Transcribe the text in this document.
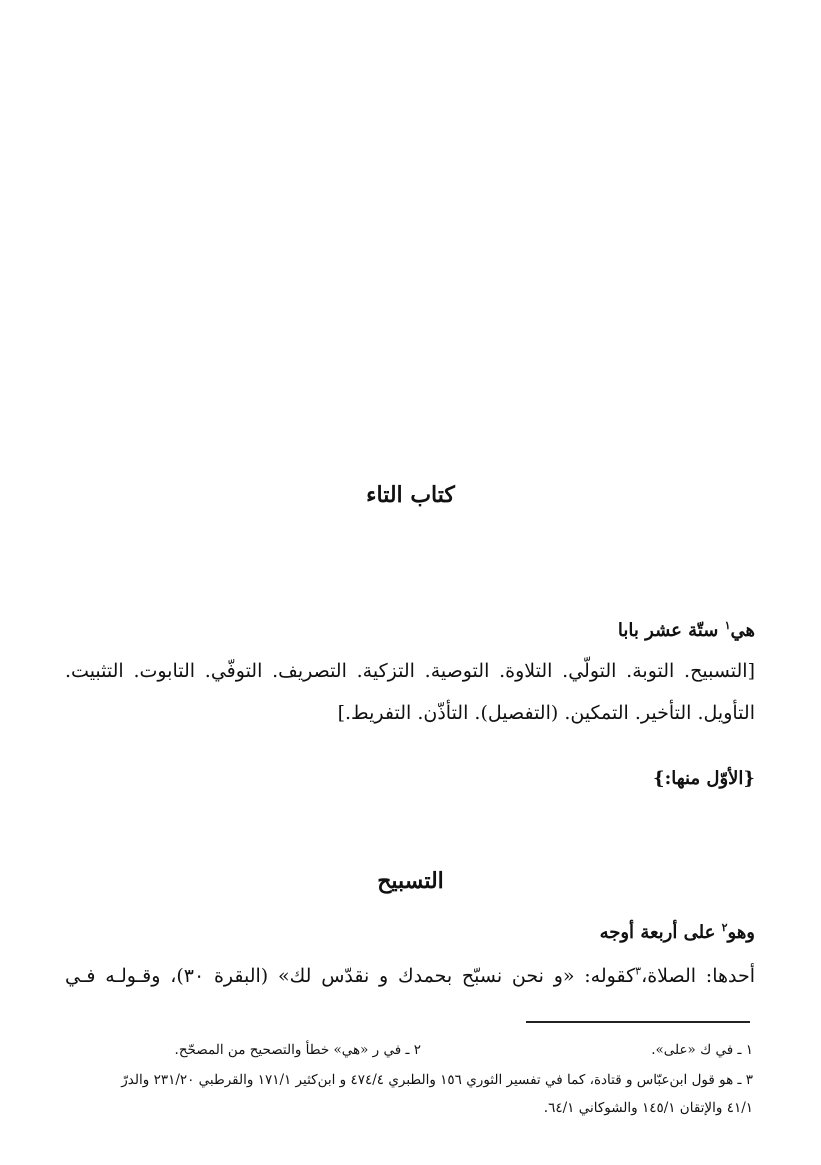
كتاب التاء
هي$^١$ ستّة عشر بابا
[التسبيح. التوبة. التولّي. التلاوة. التوصية. التزكية. التصريف. التوفّي. التابوت. التثبيت.
التأويل. التأخير. التمكين. (التفصيل). التأذّن. التفريط.]
{الأوّل منها:}
التسبيح
وهو$^٢$ على أربعة أوجه
أحدها: الصلاة،$^٣$كقوله: «و نحن نسبّح بحمدك و نقدّس لك» (البقرة ٣٠)، وقـولـه فـي
١ ـ في ك «على».
٢ ـ في ر «هي» خطأ والتصحيح من المصحّح.
٣ ـ هو قول ابن‌عبّاس و قتادة، كما في تفسير الثوري ١٥٦ والطبري ٤٧٤/٤ و ابن‌كثير ١٧١/١ والقرطبي ٢٣١/٢٠ والدرّ
٤١/١ والإتقان ١٤٥/١ والشوكاني ٦٤/١.
